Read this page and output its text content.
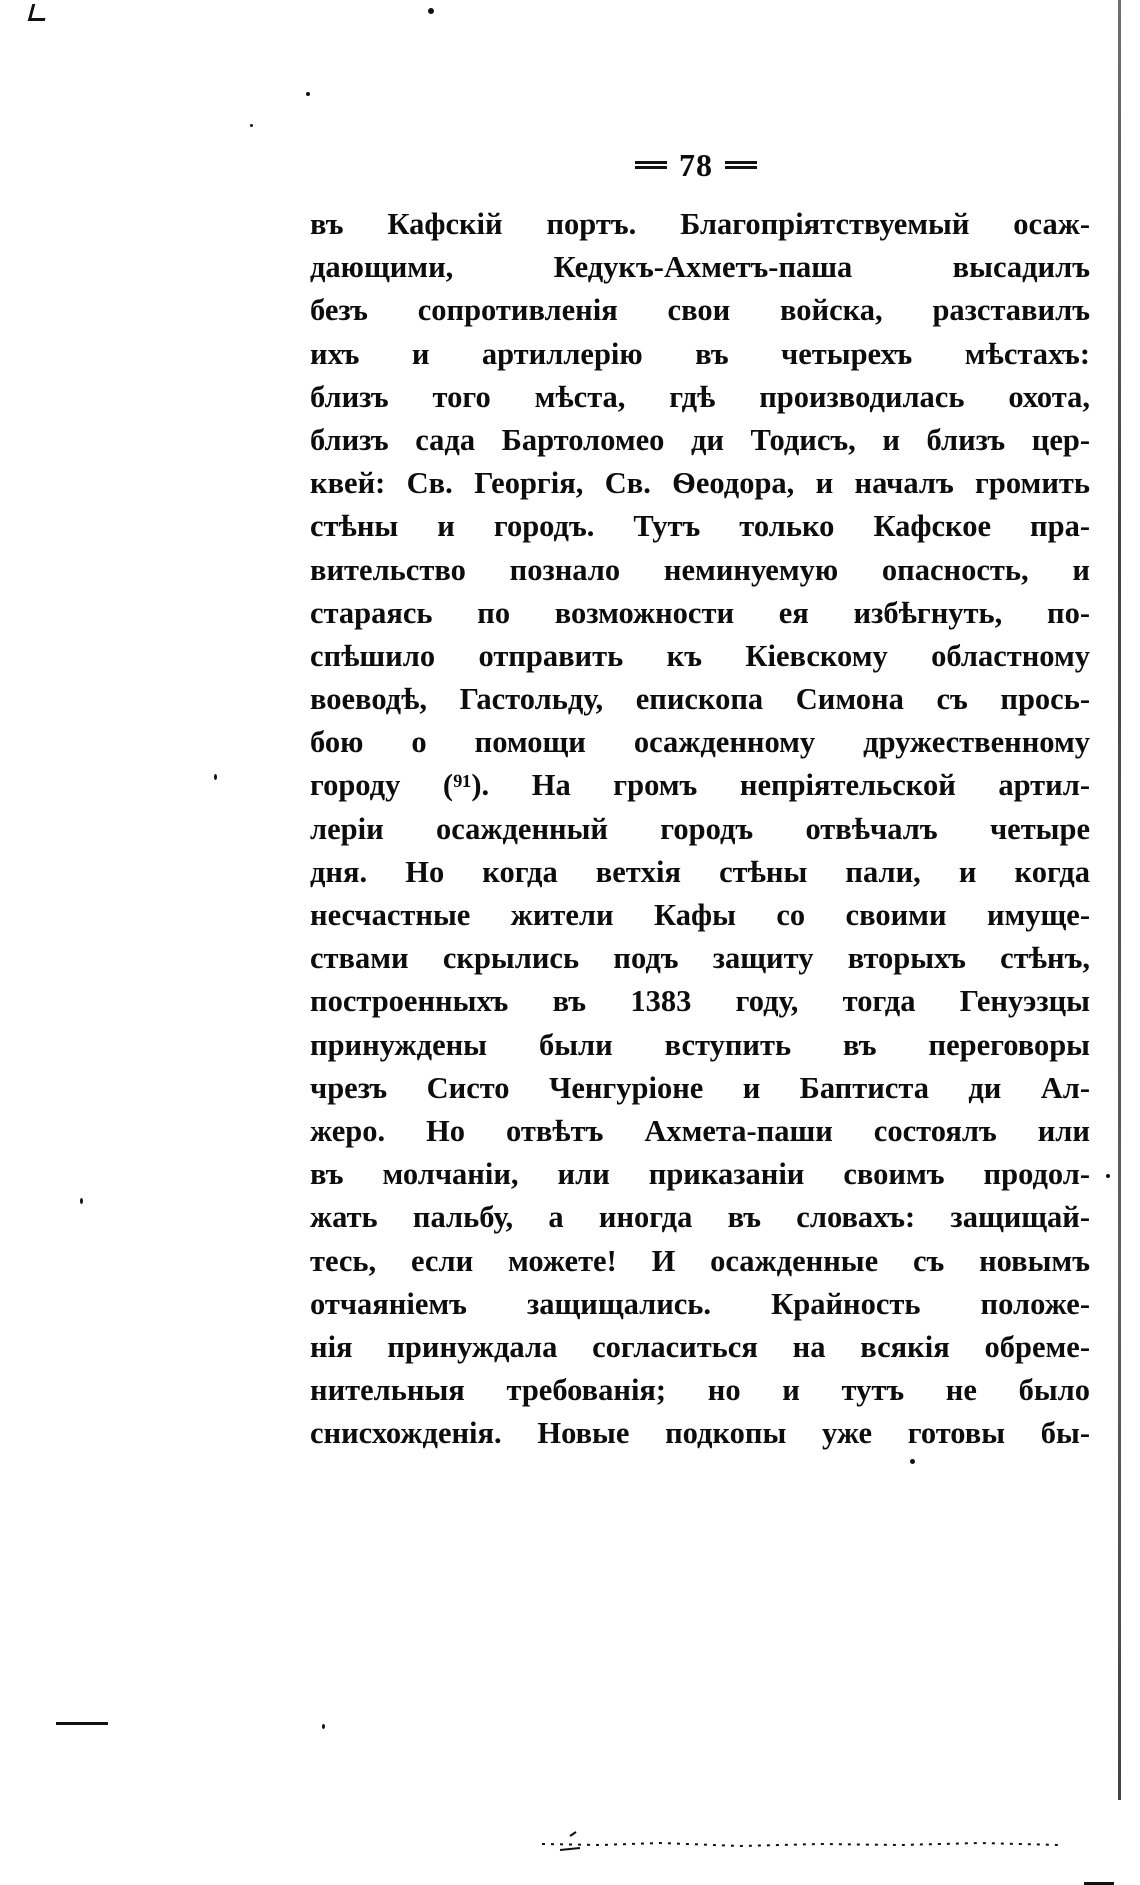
78
въ Кафскій портъ. Благопріятствуемый осаж-
дающими, Кедукъ-Ахметъ-паша высадилъ
безъ сопротивленія свои войска, разставилъ
ихъ и артиллерію въ четырехъ мѣстахъ:
близъ того мѣста, гдѣ производилась охота,
близъ сада Бартоломео ди Тодисъ, и близъ цер-
квей: Св. Георгія, Св. Ѳеодора, и началъ громить
стѣны и городъ. Тутъ только Кафское пра-
вительство познало неминуемую опасность, и
стараясь по возможности ея избѣгнуть, по-
спѣшило отправить къ Кіевскому областному
воеводѣ, Гастольду, епископа Симона съ прось-
бою о помощи осажденному дружественному
городу (⁹¹). На громъ непріятельской артил-
леріи осажденный городъ отвѣчалъ четыре
дня. Но когда ветхія стѣны пали, и когда
несчастные жители Кафы со своими имуще-
ствами скрылись подъ защиту вторыхъ стѣнъ,
построенныхъ въ 1383 году, тогда Генуэзцы
принуждены были вступить въ переговоры
чрезъ Систо Ченгуріоне и Баптиста ди Ал-
жеро. Но отвѣтъ Ахмета-паши состоялъ или
въ молчаніи, или приказаніи своимъ продол-
жать пальбу, а иногда въ словахъ: защищай-
тесь, если можете! И осажденные съ новымъ
отчаяніемъ защищались. Крайность положе-
нія принуждала согласиться на всякія обреме-
нительныя требованія; но и тутъ не было
снисхожденія. Новые подкопы уже готовы бы-
